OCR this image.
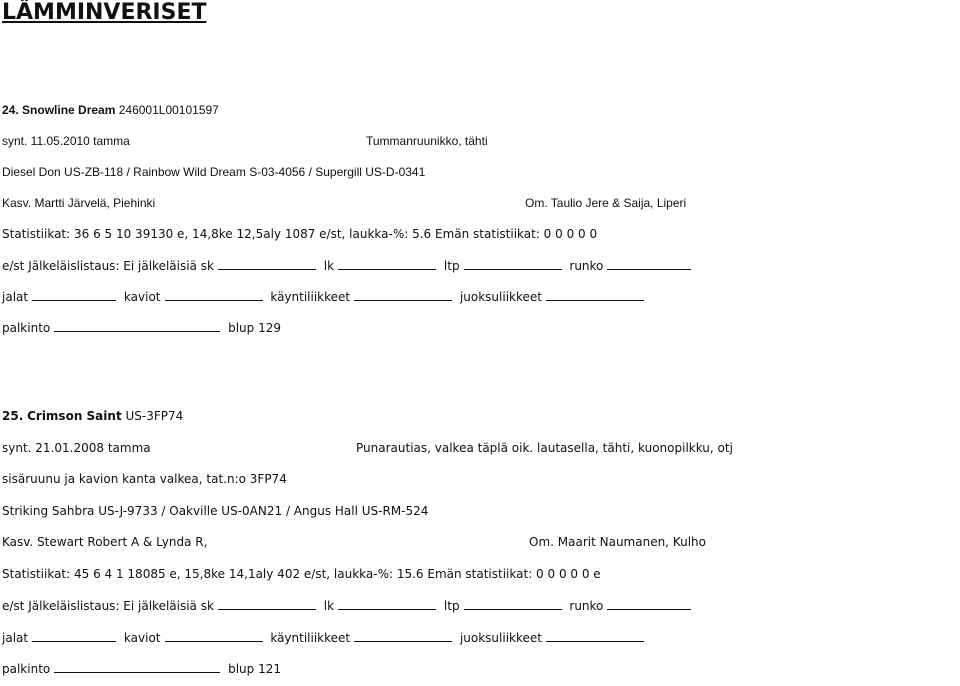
LÄMMINVERISET
24. Snowline Dream 246001L00101597
synt. 11.05.2010 tamma	Tummanruunikko, tähti
Diesel Don US-ZB-118 / Rainbow Wild Dream S-03-4056 / Supergill US-D-0341
Kasv. Martti Järvelä, Piehinki	Om. Taulio Jere & Saija, Liperi
Statistiikat: 36 6 5 10 39130 e, 14,8ke 12,5aly 1087 e/st, laukka-%: 5.6 Emän statistiikat: 0 0 0 0 0
e/st Jälkeläislistaus: Ei jälkeläisiä sk	lk	ltp	runko
jalat	kaviot	käyntiliikkeet	juoksuliikkeet
palkinto	blup 129
25. Crimson Saint US-3FP74
synt. 21.01.2008 tamma	Punarautias, valkea täplä oik. lautasella, tähti, kuonopilkku, otj
sisäruunu ja kavion kanta valkea, tat.n:o 3FP74
Striking Sahbra US-J-9733 / Oakville US-0AN21 / Angus Hall US-RM-524
Kasv. Stewart Robert A & Lynda R,	Om. Maarit Naumanen, Kulho
Statistiikat: 45 6 4 1 18085 e, 15,8ke 14,1aly 402 e/st, laukka-%: 15.6 Emän statistiikat: 0 0 0 0 0 e
e/st Jälkeläislistaus: Ei jälkeläisiä sk	lk	ltp	runko
jalat	kaviot	käyntiliikkeet	juoksuliikkeet
palkinto	blup 121
